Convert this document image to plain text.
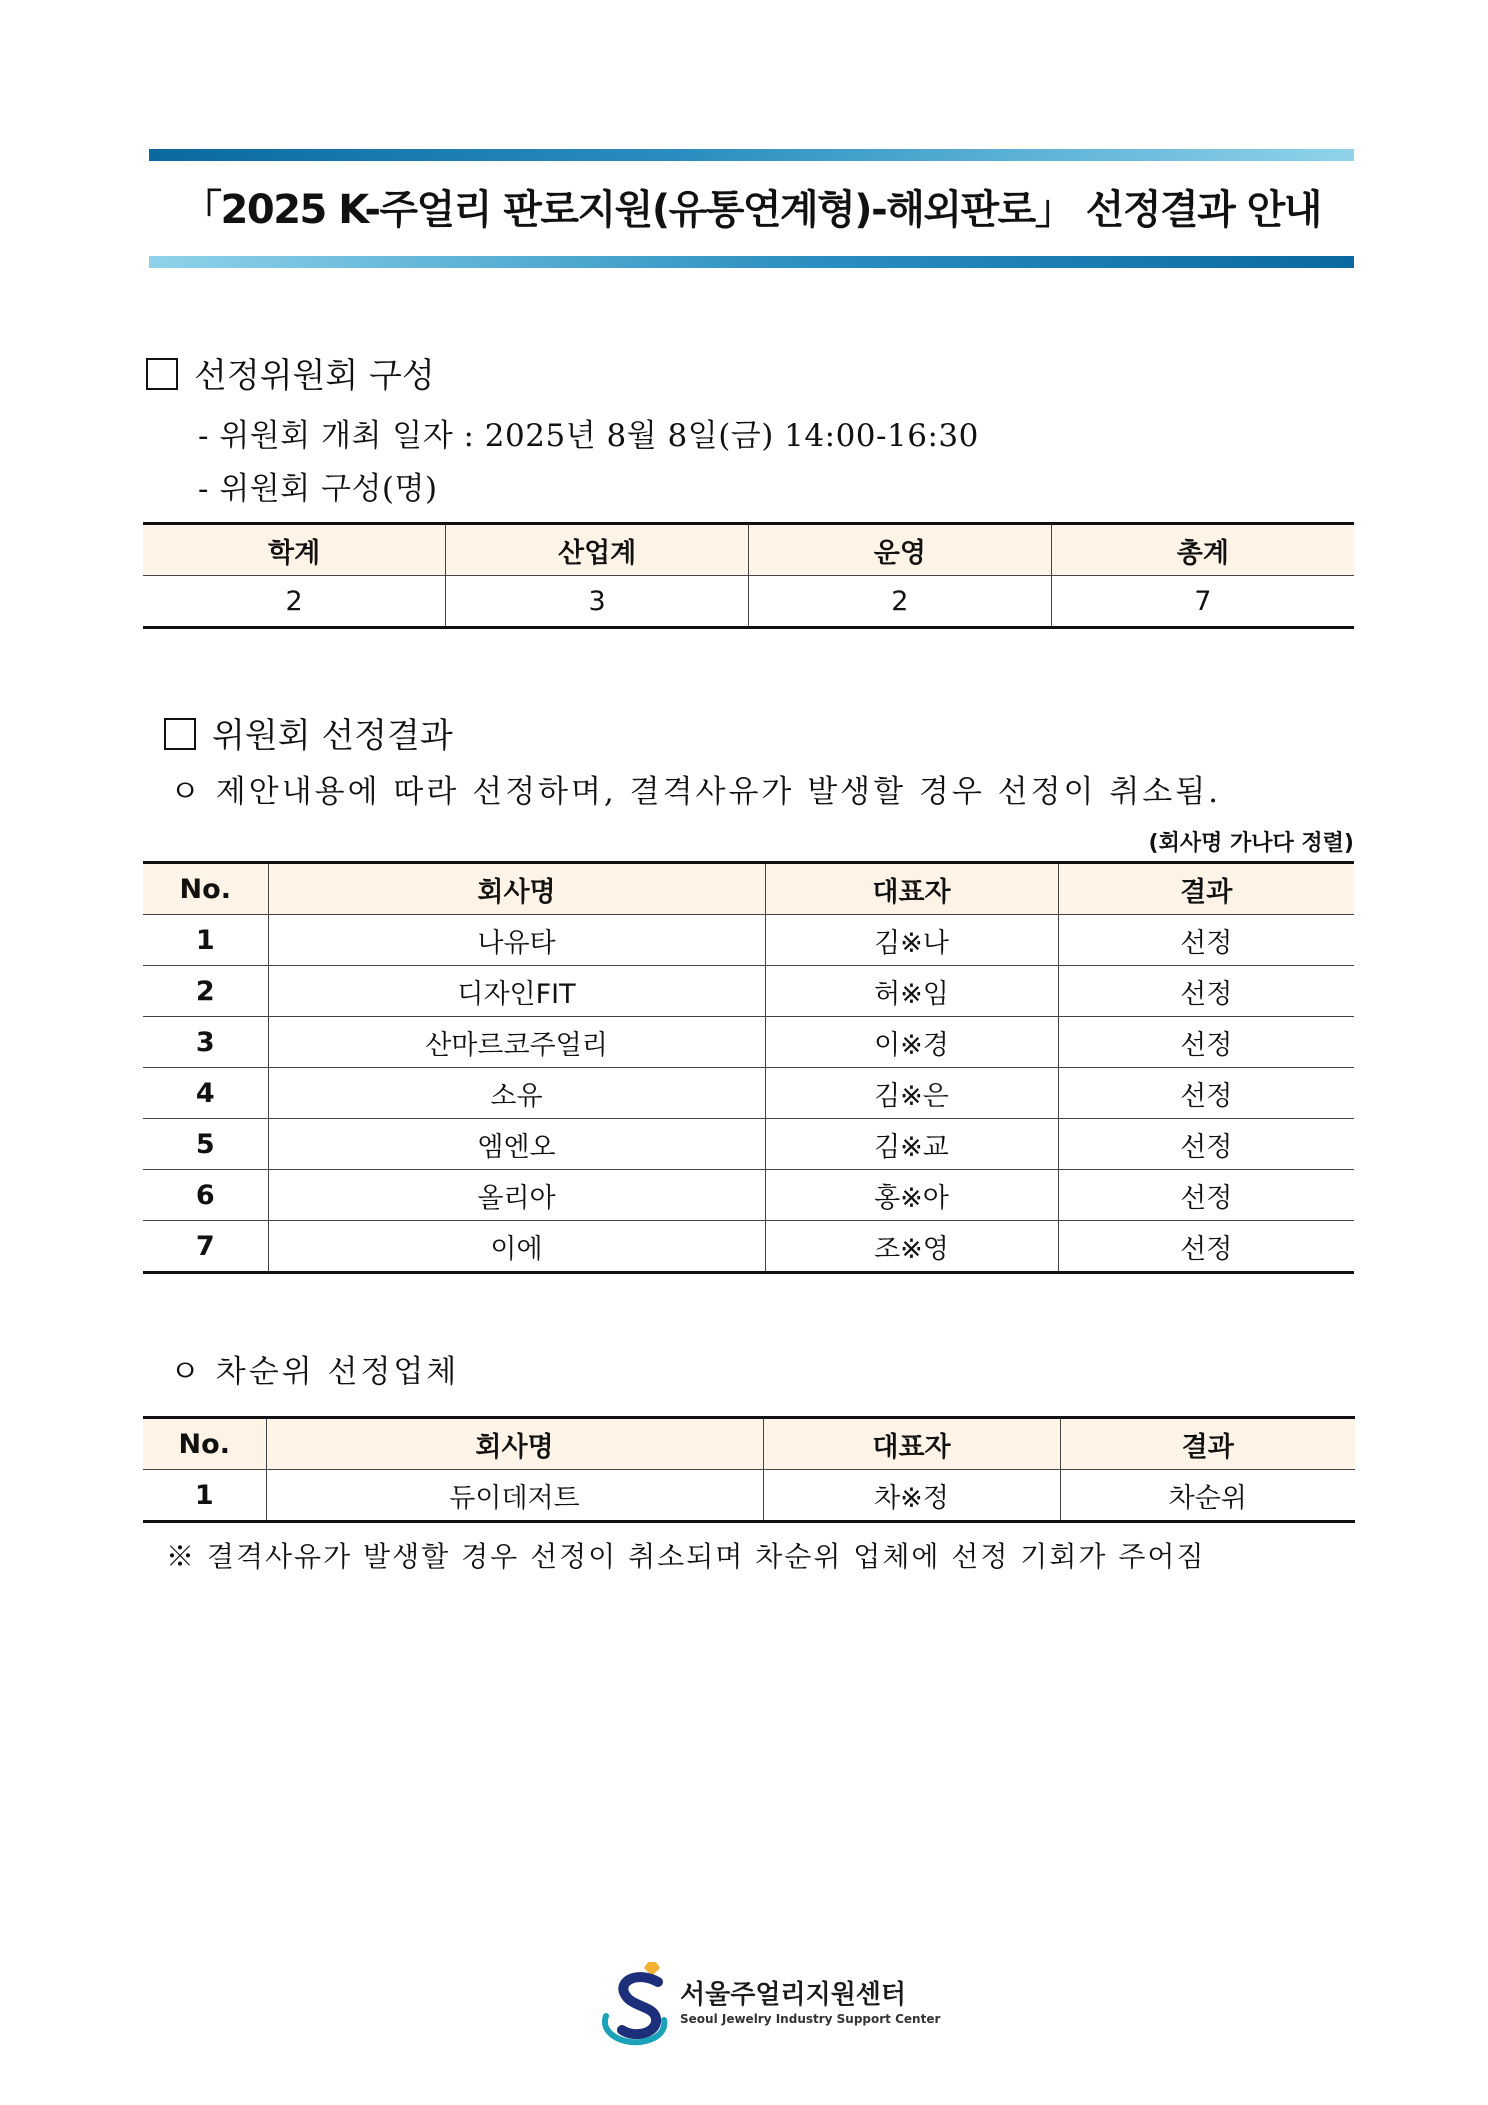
「2025 K-주얼리 판로지원(유통연계형)-해외판로」 선정결과 안내
선정위원회 구성
- 위원회 개최 일자 : 2025년 8월 8일(금) 14:00-16:30
- 위원회 구성(명)
학계	산업계	운영	총계
2	3	2	7
위원회 선정결과
ㅇ 제안내용에 따라 선정하며, 결격사유가 발생할 경우 선정이 취소됨.
(회사명 가나다 정렬)
No.	회사명	대표자	결과
1	나유타	김※나	선정
2	디자인FIT	허※임	선정
3	산마르코주얼리	이※경	선정
4	소유	김※은	선정
5	엠엔오	김※교	선정
6	올리아	홍※아	선정
7	이에	조※영	선정
ㅇ 차순위 선정업체
No.	회사명	대표자	결과
1	듀이데저트	차※정	차순위
※ 결격사유가 발생할 경우 선정이 취소되며 차순위 업체에 선정 기회가 주어짐
서울주얼리지원센터
Seoul Jewelry Industry Support Center
